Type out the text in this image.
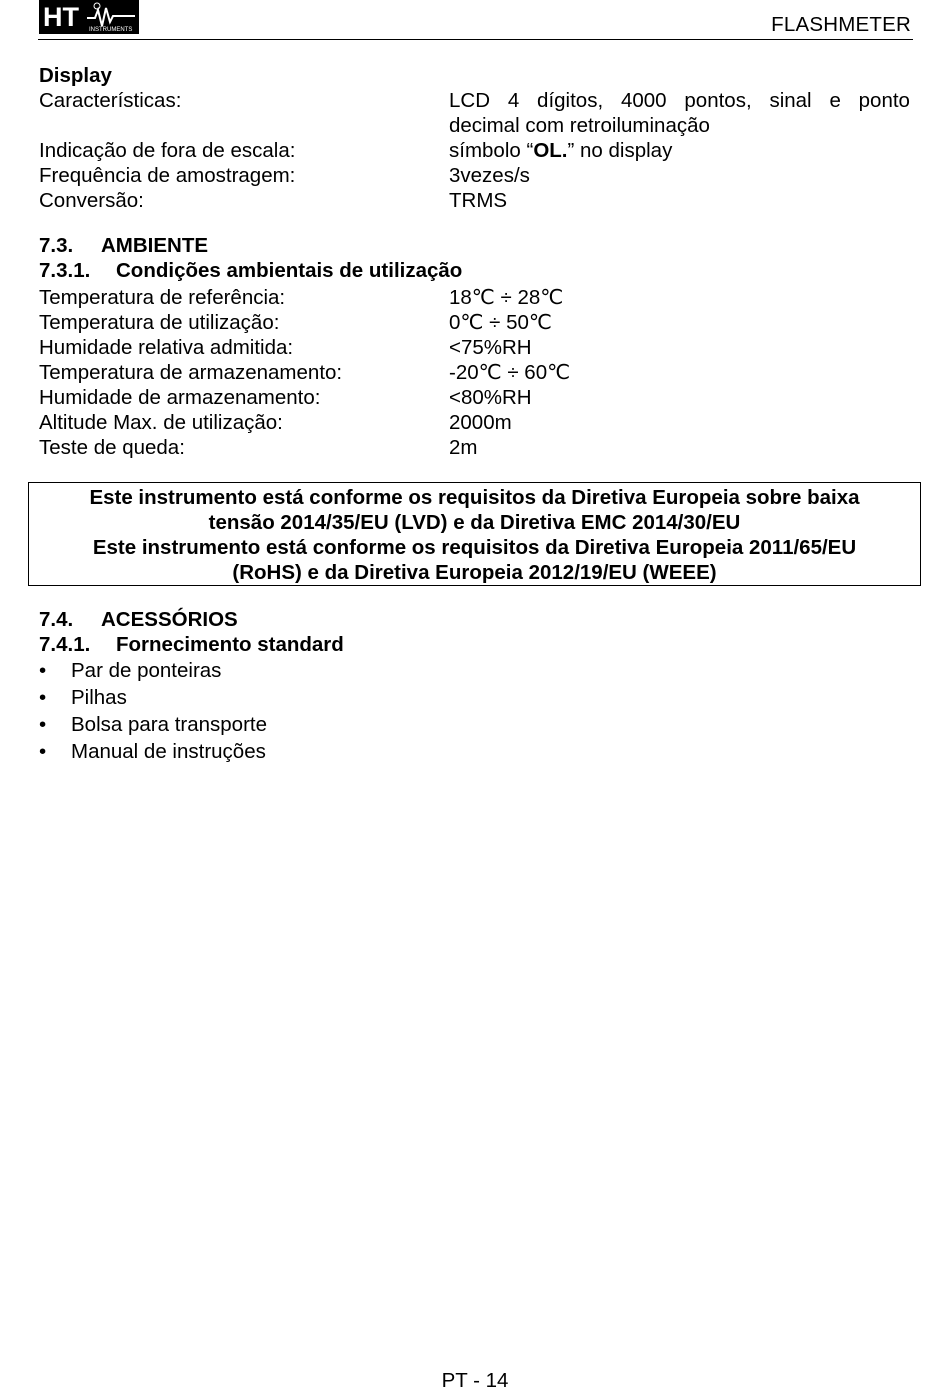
HT INSTRUMENTS	FLASHMETER
Display
Características:	LCD 4 dígitos, 4000 pontos, sinal e ponto
decimal com retroiluminação
Indicação de fora de escala:	símbolo “OL.” no display
Frequência de amostragem:	3vezes/s
Conversão:	TRMS
7.3. AMBIENTE
7.3.1. Condições ambientais de utilização
Temperatura de referência:	18℃ ÷ 28℃
Temperatura de utilização:	0℃ ÷ 50℃
Humidade relativa admitida:	<75%RH
Temperatura de armazenamento:	-20℃ ÷ 60℃
Humidade de armazenamento:	<80%RH
Altitude Max. de utilização:	2000m
Teste de queda:	2m
Este instrumento está conforme os requisitos da Diretiva Europeia sobre baixa
tensão 2014/35/EU (LVD) e da Diretiva EMC 2014/30/EU
Este instrumento está conforme os requisitos da Diretiva Europeia 2011/65/EU
(RoHS) e da Diretiva Europeia 2012/19/EU (WEEE)
7.4. ACESSÓRIOS
7.4.1. Fornecimento standard
• Par de ponteiras
• Pilhas
• Bolsa para transporte
• Manual de instruções
PT - 14
